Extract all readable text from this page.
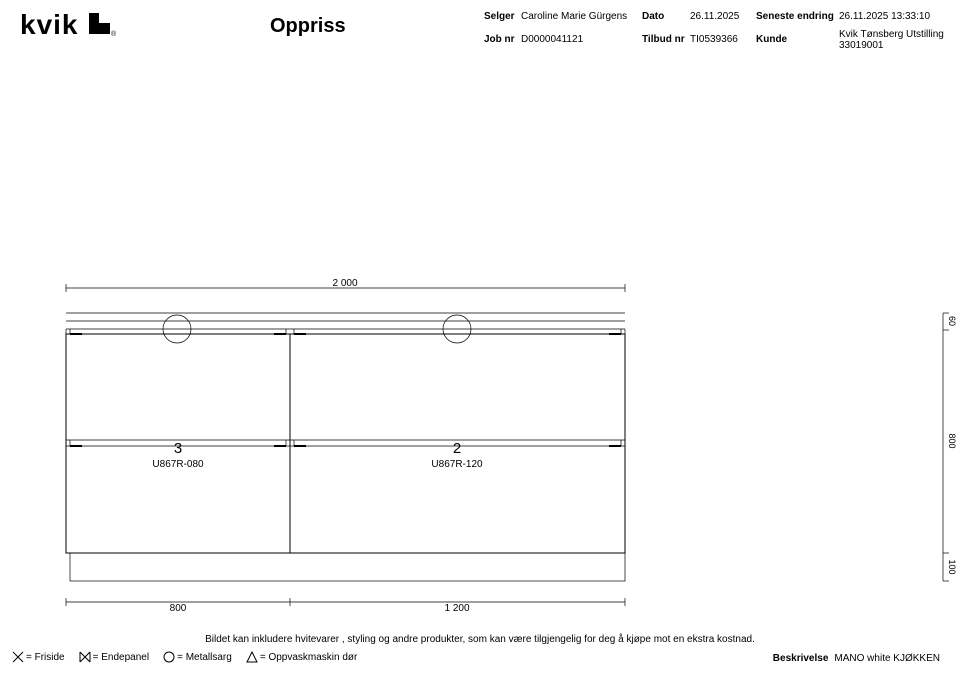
kvik	®	Oppriss	Selger Caroline Marie Gürgens Dato	26.11.2025 Seneste endring 26.11.2025 13:33:10
Job nr D0000041121	Tilbud nr TI0539366 Kunde	Kvik Tønsberg Utstilling
33019001
2 000
3
U867R-080
2
U867R-120
800	1 200
60
800
100
Bildet kan inkludere hvitevarer , styling og andre produkter, som kan være tilgjengelig for deg å kjøpe mot en ekstra kostnad.
= Friside	= Endepanel	= Metallsarg	= Oppvaskmaskin dør	Beskrivelse MANO white KJØKKEN
